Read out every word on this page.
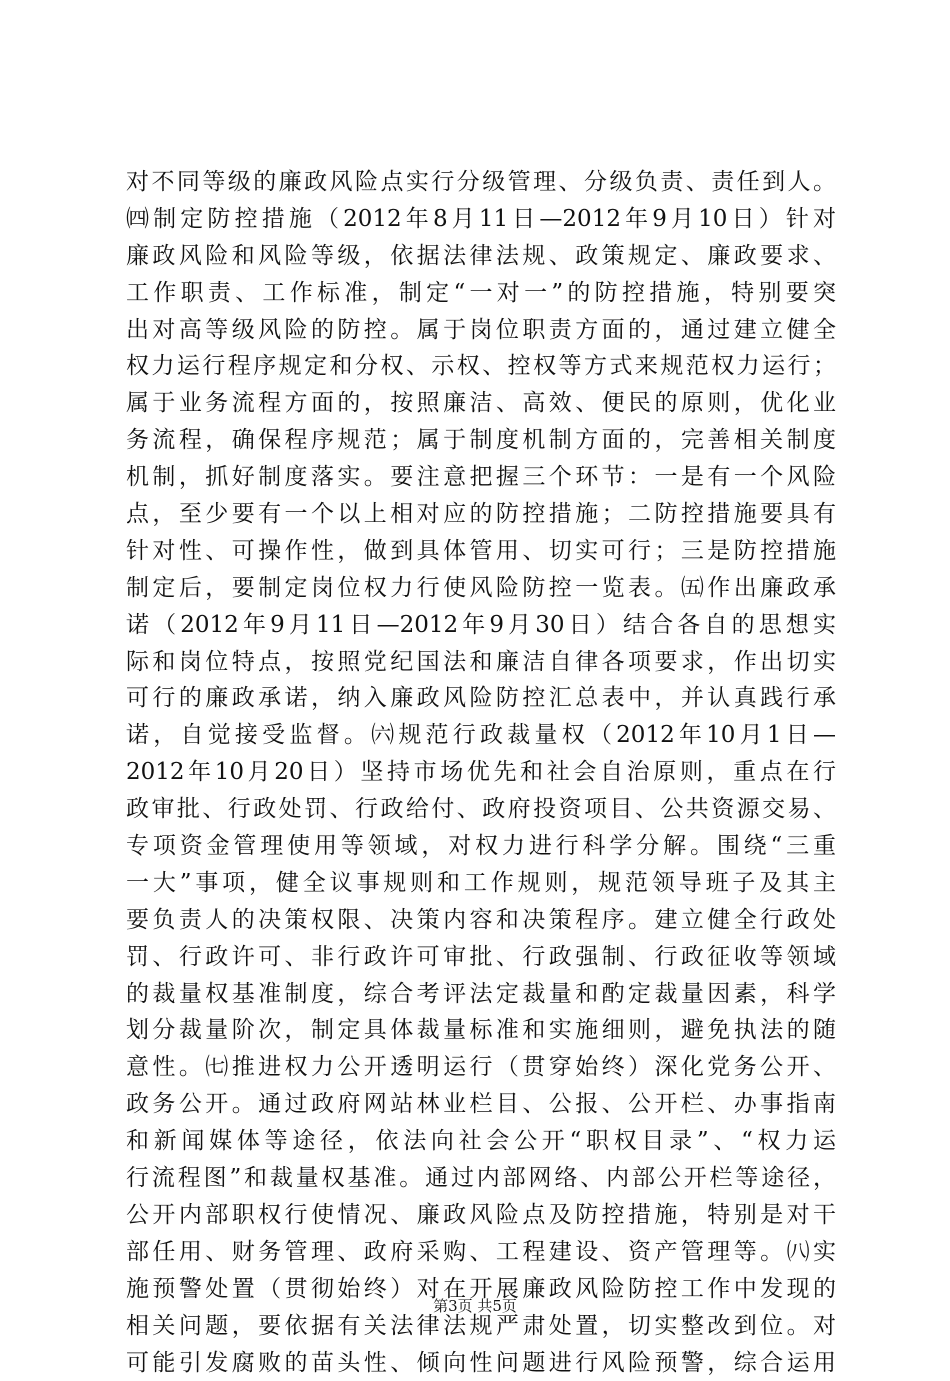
对不同等级的廉政风险点实行分级管理、分级负责、责任到人。
㈣制定防控措施（2012年8月11日—2012年9月10日）针对
廉政风险和风险等级，依据法律法规、政策规定、廉政要求、
工作职责、工作标准，制定“一对一”的防控措施，特别要突
出对高等级风险的防控。属于岗位职责方面的，通过建立健全
权力运行程序规定和分权、示权、控权等方式来规范权力运行；
属于业务流程方面的，按照廉洁、高效、便民的原则，优化业
务流程，确保程序规范；属于制度机制方面的，完善相关制度
机制，抓好制度落实。要注意把握三个环节：一是有一个风险
点，至少要有一个以上相对应的防控措施；二防控措施要具有
针对性、可操作性，做到具体管用、切实可行；三是防控措施
制定后，要制定岗位权力行使风险防控一览表。㈤作出廉政承
诺（2012年9月11日—2012年9月30日）结合各自的思想实
际和岗位特点，按照党纪国法和廉洁自律各项要求，作出切实
可行的廉政承诺，纳入廉政风险防控汇总表中，并认真践行承
诺，自觉接受监督。㈥规范行政裁量权（2012年10月1日—
2012年10月20日）坚持市场优先和社会自治原则，重点在行
政审批、行政处罚、行政给付、政府投资项目、公共资源交易、
专项资金管理使用等领域，对权力进行科学分解。围绕“三重
一大”事项，健全议事规则和工作规则，规范领导班子及其主
要负责人的决策权限、决策内容和决策程序。建立健全行政处
罚、行政许可、非行政许可审批、行政强制、行政征收等领域
的裁量权基准制度，综合考评法定裁量和酌定裁量因素，科学
划分裁量阶次，制定具体裁量标准和实施细则，避免执法的随
意性。㈦推进权力公开透明运行（贯穿始终）深化党务公开、
政务公开。通过政府网站林业栏目、公报、公开栏、办事指南
和新闻媒体等途径，依法向社会公开“职权目录”、“权力运
行流程图”和裁量权基准。通过内部网络、内部公开栏等途径，
公开内部职权行使情况、廉政风险点及防控措施，特别是对干
部任用、财务管理、政府采购、工程建设、资产管理等。㈧实
施预警处置（贯彻始终）对在开展廉政风险防控工作中发现的
相关问题，要依据有关法律法规严肃处置，切实整改到位。对
可能引发腐败的苗头性、倾向性问题进行风险预警，综合运用
第3页 共5页
